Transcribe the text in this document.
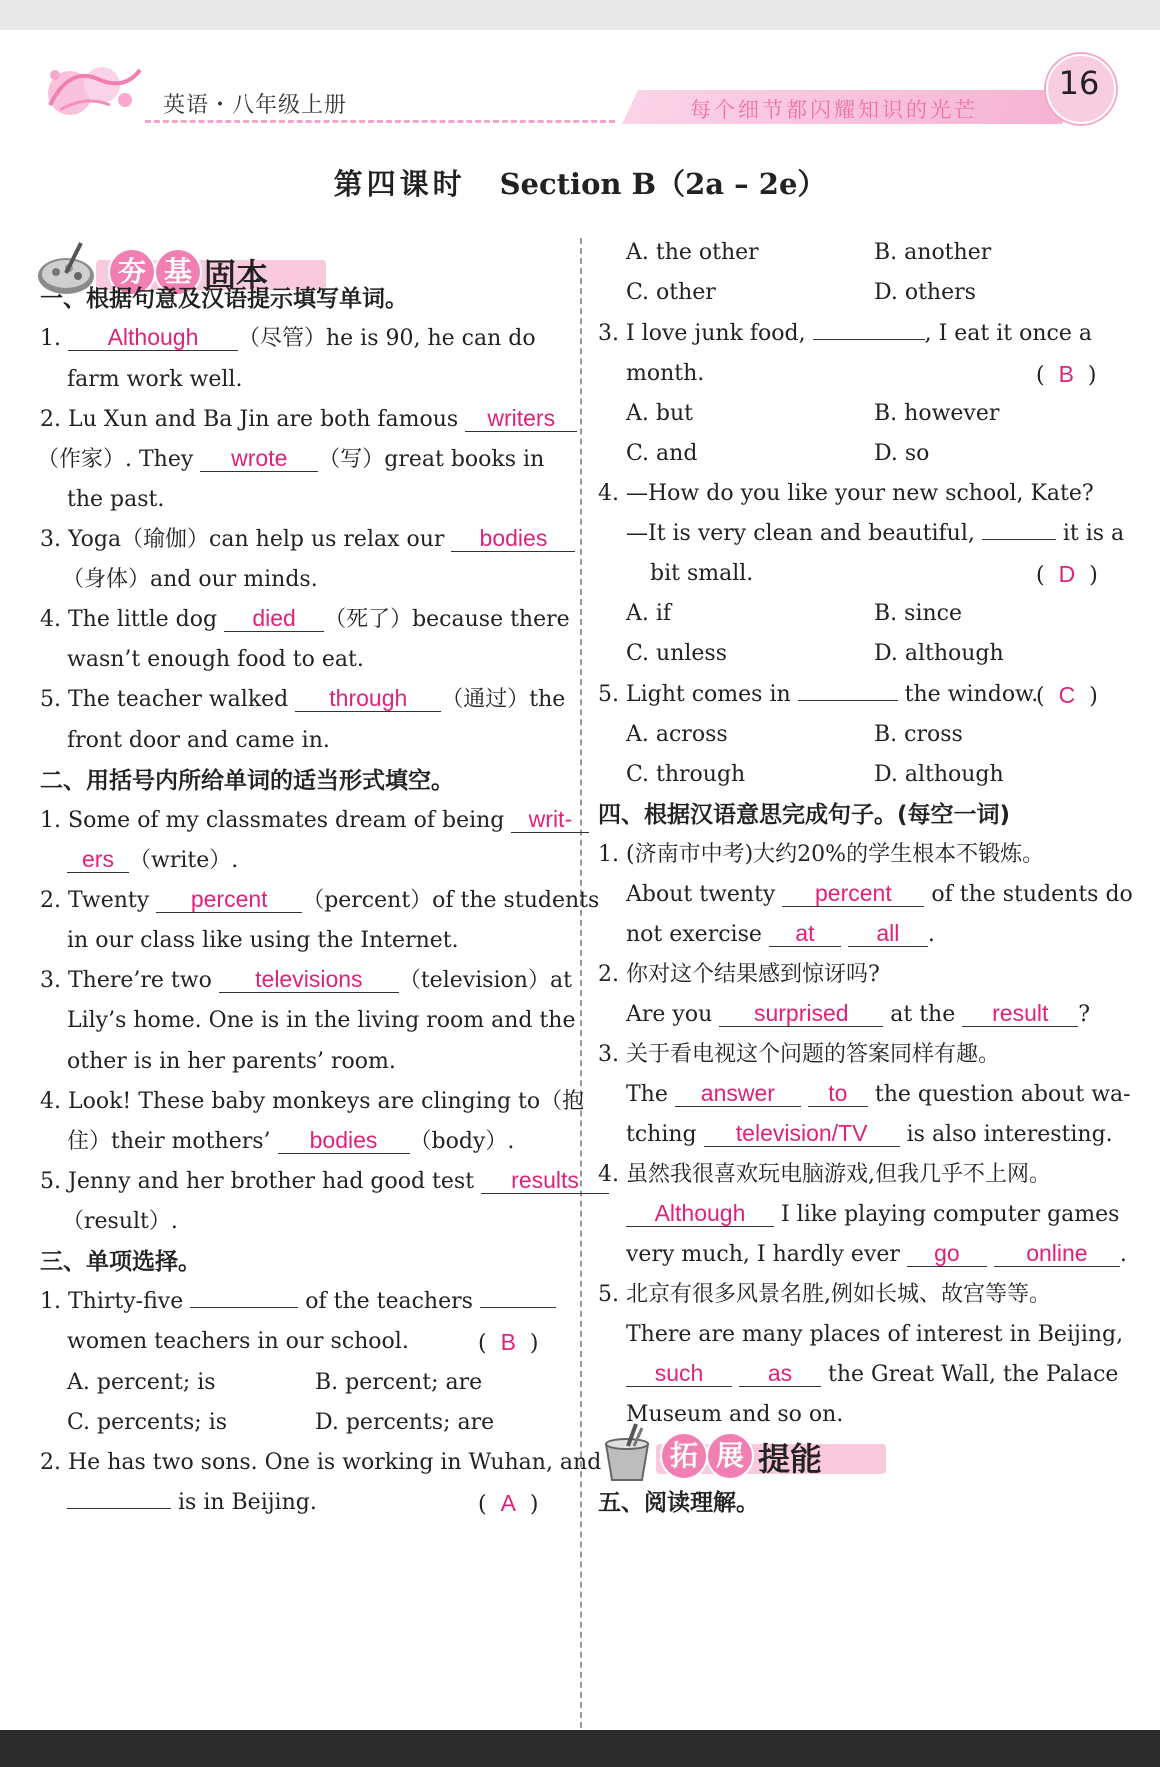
英语・八年级上册	每个细节都闪耀知识的光芒
16
第四课时 Section B（2a – 2e）
夯 基 固本
一、根据句意及汉语提示填写单词。
1. Although （尽管）he is 90, he can do
farm work well.
2. Lu Xun and Ba Jin are both famous writers
（作家）. They wrote （写）great books in
the past.
3. Yoga（瑜伽）can help us relax our bodies
（身体）and our minds.
4. The little dog died （死了）because there
wasn’t enough food to eat.
5. The teacher walked through （通过）the
front door and came in.
二、用括号内所给单词的适当形式填空。
1. Some of my classmates dream of being writ-
ers （write）.
2. Twenty percent （percent）of the students
in our class like using the Internet.
3. There’re two televisions （television）at
Lily’s home. One is in the living room and the
other is in her parents’ room.
4. Look! These baby monkeys are clinging to（抱
住）their mothers’ bodies （body）.
5. Jenny and her brother had good test results
（result）.
三、单项选择。
1. Thirty-five	of the teachers
women teachers in our school.	(  B  )
A. percent; is	B. percent; are
C. percents; is	D. percents; are
2. He has two sons. One is working in Wuhan, and
is in Beijing.	(  A  )
A. the other	B. another
C. other	D. others
3. I love junk food,	, I eat it once a
month.	(  B  )
A. but	B. however
C. and	D. so
4. —How do you like your new school, Kate?
—It is very clean and beautiful,	it is a
bit small.	(  D  )
A. if	B. since
C. unless	D. although
5. Light comes in	the window.
(  C  )
A. across	B. cross
C. through	D. although
四、根据汉语意思完成句子。(每空一词)
1. (济南市中考)大约20%的学生根本不锻炼。
About twenty percent of the students do
not exercise at	all .
2. 你对这个结果感到惊讶吗?
Are you surprised at the result ?
3. 关于看电视这个问题的答案同样有趣。
The answer to the question about wa-
tching television/TV is also interesting.
4. 虽然我很喜欢玩电脑游戏,但我几乎不上网。
Although I like playing computer games
very much, I hardly ever go	online .
5. 北京有很多风景名胜,例如长城、故宫等等。
There are many places of interest in Beijing,
such	as the Great Wall, the Palace
Museum and so on.
拓 展 提能
五、阅读理解。
